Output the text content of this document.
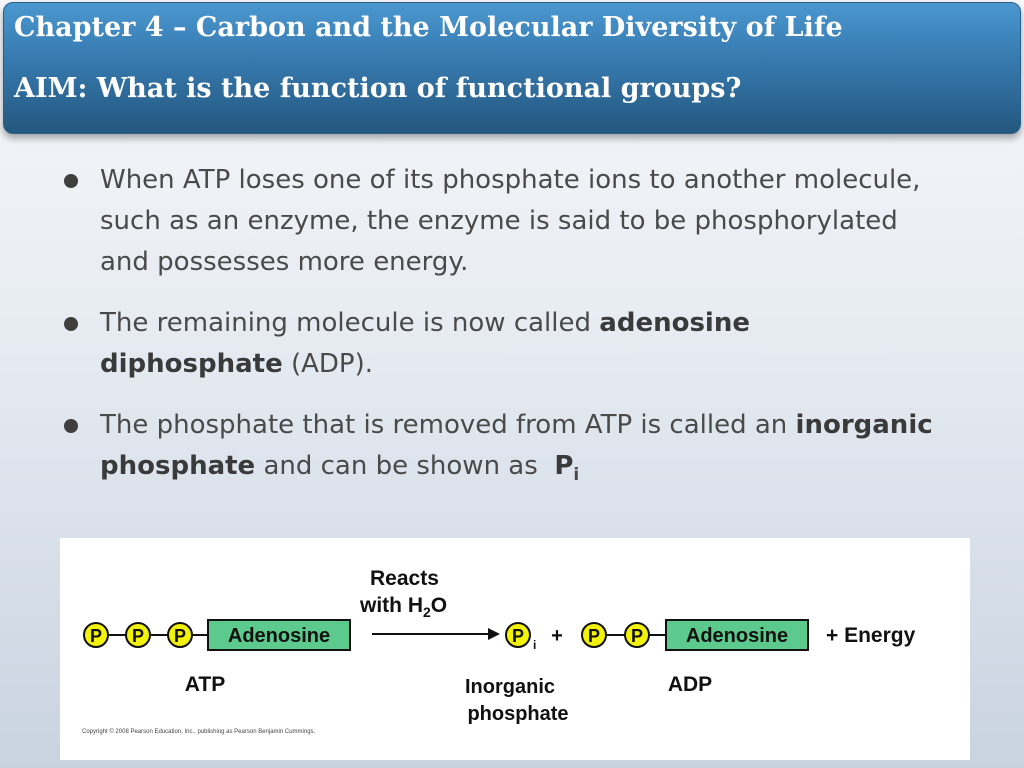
Chapter 4 – Carbon and the Molecular Diversity of Life
AIM: What is the function of functional groups?
When ATP loses one of its phosphate ions to another molecule, such as an enzyme, the enzyme is said to be phosphorylated and possesses more energy.
The remaining molecule is now called adenosine diphosphate (ADP).
The phosphate that is removed from ATP is called an inorganic phosphate and can be shown as  $P_i$
Reacts
with $H_2O$
P P P Adenosine	P i + P P Adenosine + Energy
ATP	ADP
Inorganic
phosphate
Copyright © 2008 Pearson Education, Inc., publishing as Pearson Benjamin Cummings.
